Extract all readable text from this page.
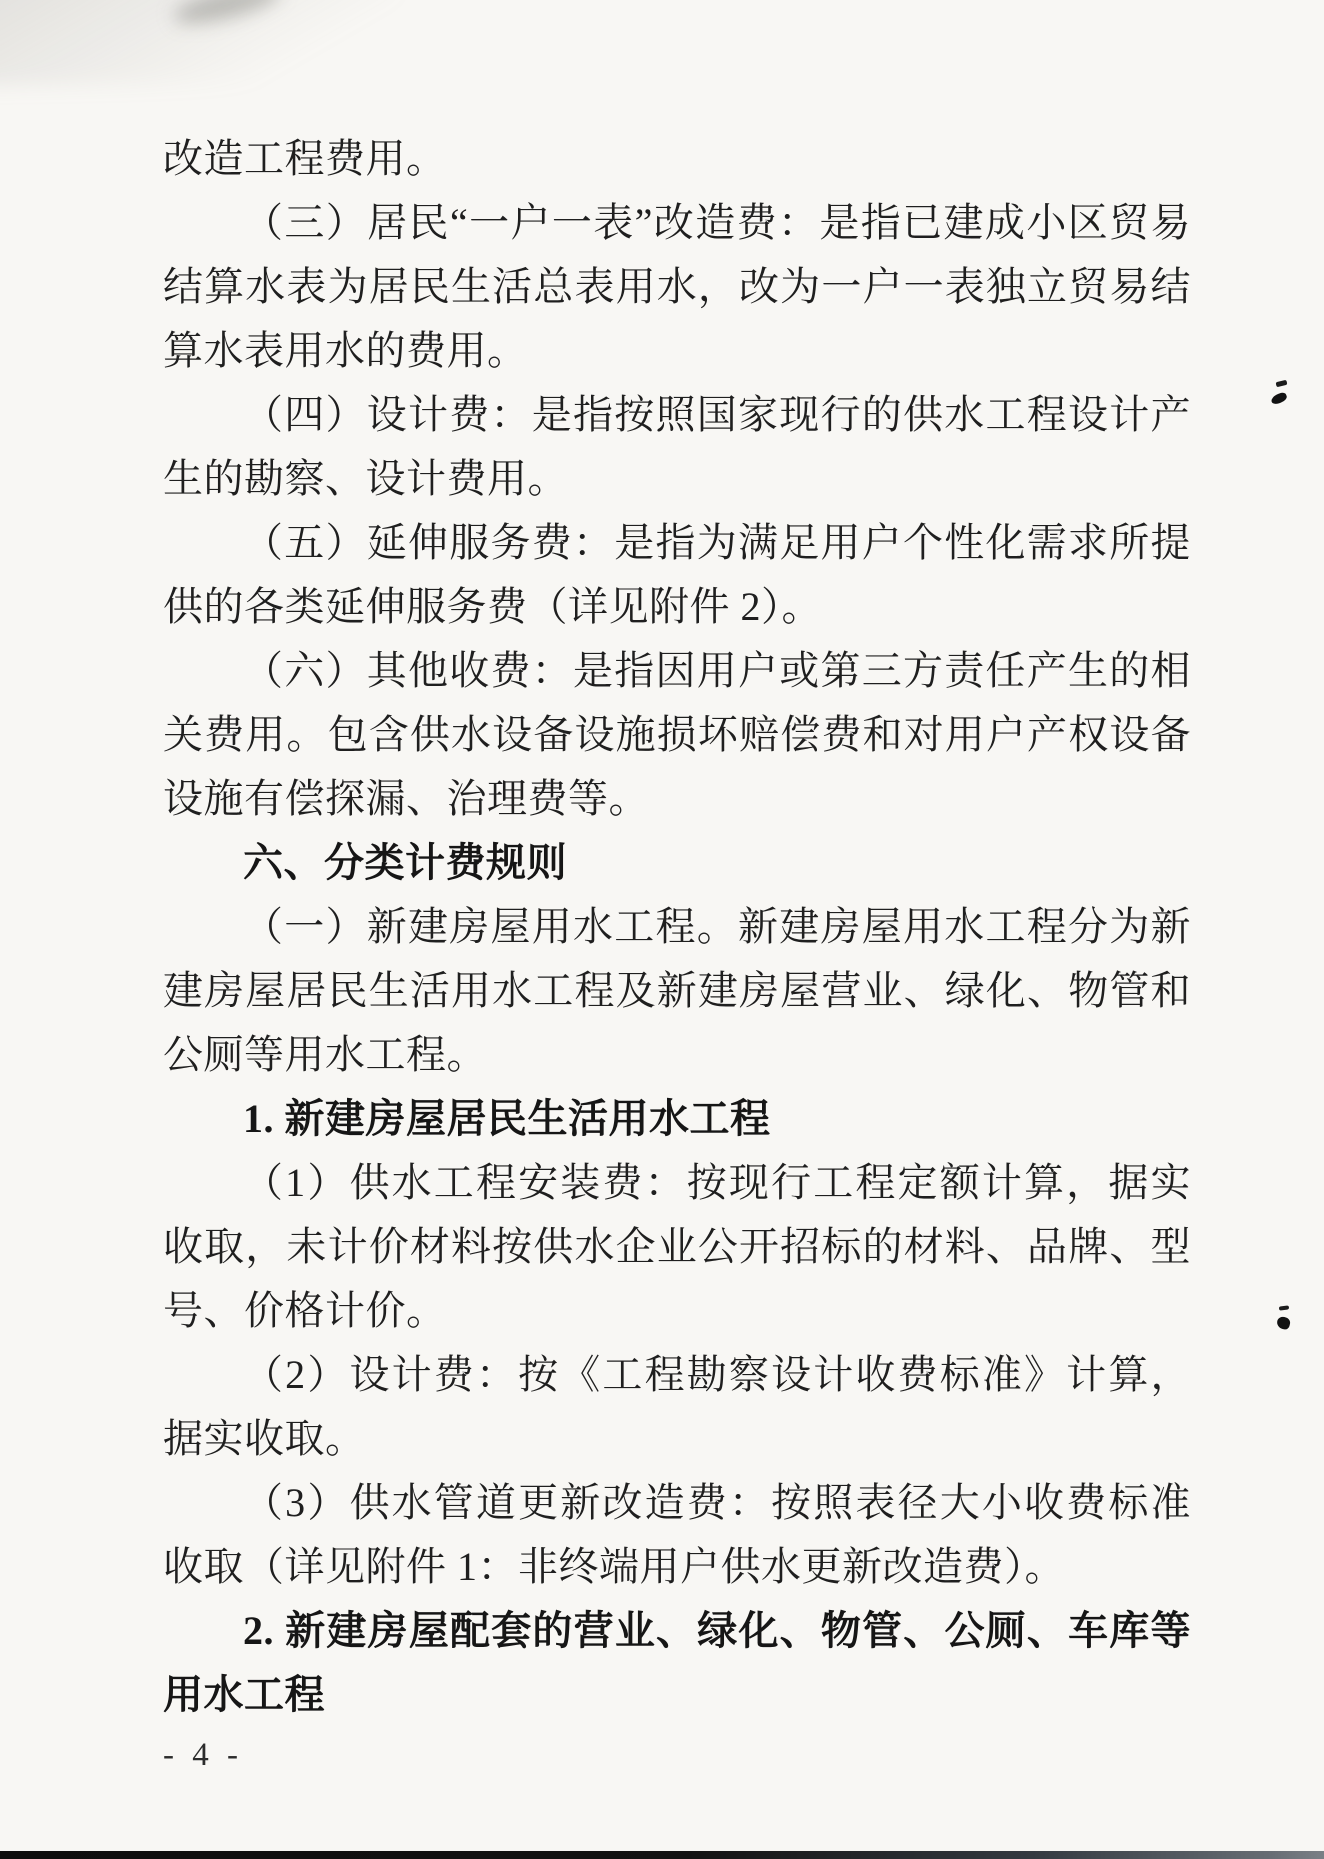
改造工程费用。

（三）居民“一户一表”改造费：是指已建成小区贸易结算水表为居民生活总表用水，改为一户一表独立贸易结算水表用水的费用。

（四）设计费：是指按照国家现行的供水工程设计产生的勘察、设计费用。

（五）延伸服务费：是指为满足用户个性化需求所提供的各类延伸服务费（详见附件 2）。

（六）其他收费：是指因用户或第三方责任产生的相关费用。包含供水设备设施损坏赔偿费和对用户产权设备设施有偿探漏、治理费等。

六、分类计费规则

（一）新建房屋用水工程。新建房屋用水工程分为新建房屋居民生活用水工程及新建房屋营业、绿化、物管和公厕等用水工程。

1. 新建房屋居民生活用水工程

（1）供水工程安装费：按现行工程定额计算，据实收取，未计价材料按供水企业公开招标的材料、品牌、型号、价格计价。

（2）设计费：按《工程勘察设计收费标准》计算，据实收取。

（3）供水管道更新改造费：按照表径大小收费标准收取（详见附件 1：非终端用户供水更新改造费）。

2. 新建房屋配套的营业、绿化、物管、公厕、车库等用水工程

- 4 -
